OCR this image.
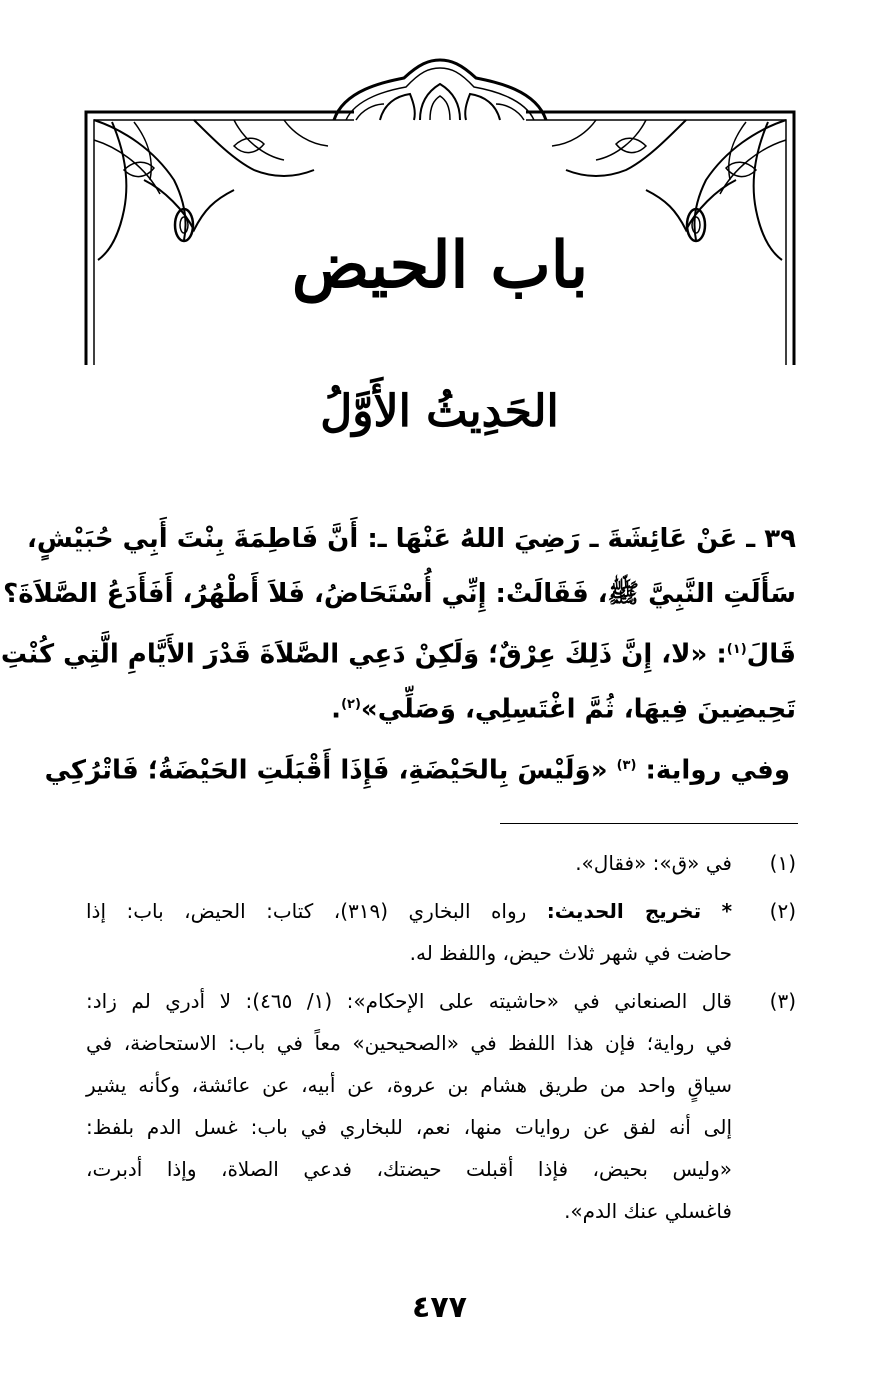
باب الحيض
الحَدِيثُ الأَوَّلُ
٣٩ ـ عَنْ عَائِشَةَ ـ رَضِيَ اللهُ عَنْهَا ـ: أَنَّ فَاطِمَةَ بِنْتَ أَبِي حُبَيْشٍ،
سَأَلَتِ النَّبِيَّ ﷺ، فَقَالَتْ: إِنِّي أُسْتَحَاضُ، فَلاَ أَطْهُرُ، أَفَأَدَعُ الصَّلاَةَ؟
قَالَ$^{(١)}$: «لا، إِنَّ ذَلِكَ عِرْقٌ؛ وَلَكِنْ دَعِي الصَّلاَةَ قَدْرَ الأَيَّامِ الَّتِي كُنْتِ
تَحِيضِينَ فِيهَا، ثُمَّ اغْتَسِلِي، وَصَلِّي»$^{(٢)}$.
وفي رواية: $^{(٣)}$ «وَلَيْسَ بِالحَيْضَةِ، فَإِذَا أَقْبَلَتِ الحَيْضَةُ؛ فَاتْرُكِي
(١)
في «ق»: «فقال».
(٢)
* تخريج الحديث: رواه البخاري (٣١٩)، كتاب: الحيض، باب: إذا
حاضت في شهر ثلاث حيض، واللفظ له.
(٣)
قال الصنعاني في «حاشيته على الإحكام»: (١/ ٤٦٥): لا أدري لم زاد:
في رواية؛ فإن هذا اللفظ في «الصحيحين» معاً في باب: الاستحاضة، في
سياقٍ واحد من طريق هشام بن عروة، عن أبيه، عن عائشة، وكأنه يشير
إلى أنه لفق عن روايات منها، نعم، للبخاري في باب: غسل الدم بلفظ:
«وليس بحيض، فإذا أقبلت حيضتك، فدعي الصلاة، وإذا أدبرت،
فاغسلي عنك الدم».
٤٧٧
